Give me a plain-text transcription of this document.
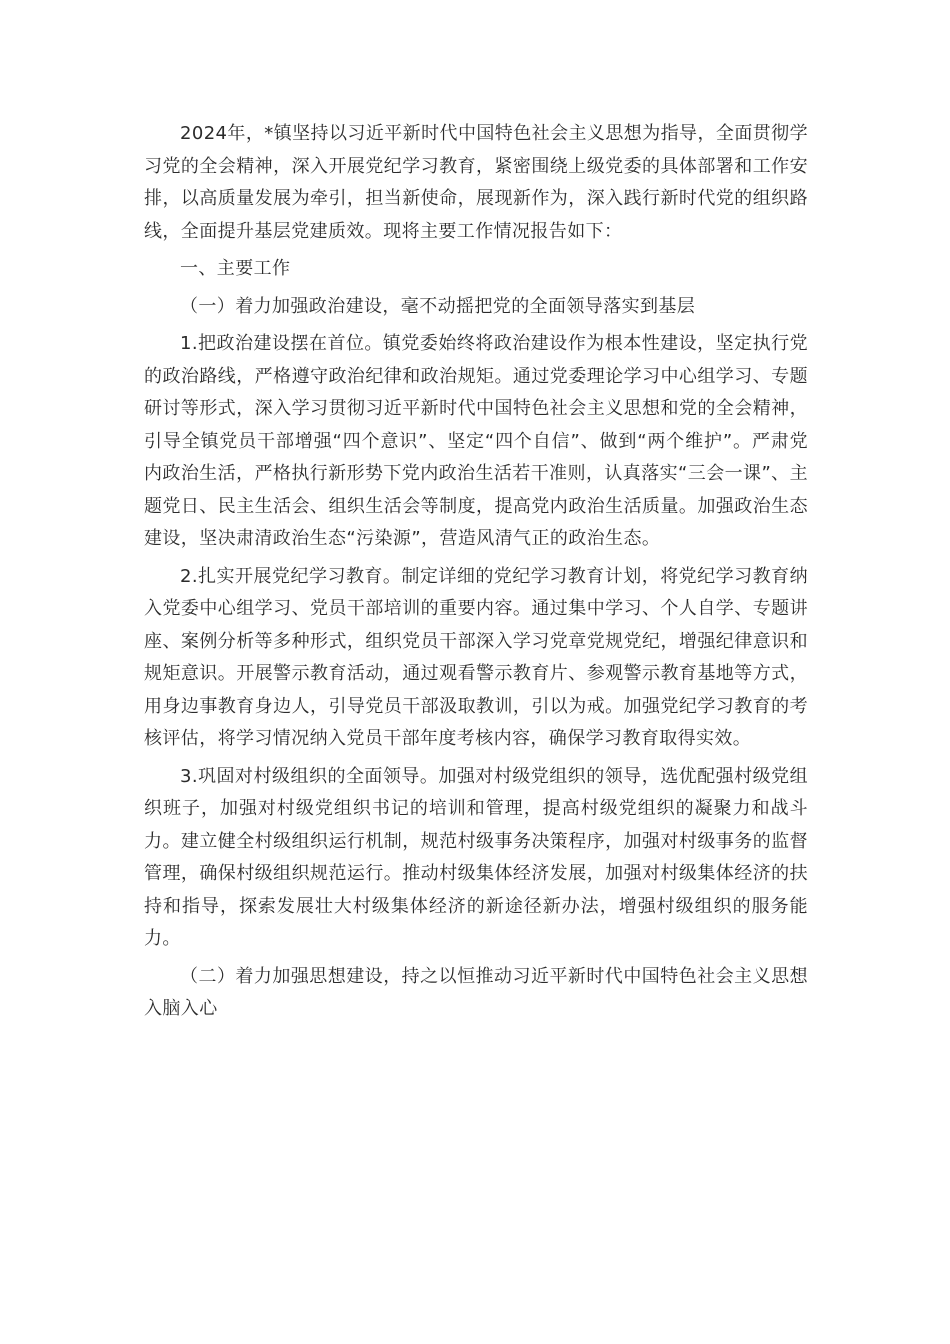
2024年，*镇坚持以习近平新时代中国特色社会主义思想为指导，全面贯彻学习党的全会精神，深入开展党纪学习教育，紧密围绕上级党委的具体部署和工作安排，以高质量发展为牵引，担当新使命，展现新作为，深入践行新时代党的组织路线，全面提升基层党建质效。现将主要工作情况报告如下：

一、主要工作

（一）着力加强政治建设，毫不动摇把党的全面领导落实到基层

1.把政治建设摆在首位。镇党委始终将政治建设作为根本性建设，坚定执行党的政治路线，严格遵守政治纪律和政治规矩。通过党委理论学习中心组学习、专题研讨等形式，深入学习贯彻习近平新时代中国特色社会主义思想和党的全会精神，引导全镇党员干部增强“四个意识”、坚定“四个自信”、做到“两个维护”。严肃党内政治生活，严格执行新形势下党内政治生活若干准则，认真落实“三会一课”、主题党日、民主生活会、组织生活会等制度，提高党内政治生活质量。加强政治生态建设，坚决肃清政治生态“污染源”，营造风清气正的政治生态。

2.扎实开展党纪学习教育。制定详细的党纪学习教育计划，将党纪学习教育纳入党委中心组学习、党员干部培训的重要内容。通过集中学习、个人自学、专题讲座、案例分析等多种形式，组织党员干部深入学习党章党规党纪，增强纪律意识和规矩意识。开展警示教育活动，通过观看警示教育片、参观警示教育基地等方式，用身边事教育身边人，引导党员干部汲取教训，引以为戒。加强党纪学习教育的考核评估，将学习情况纳入党员干部年度考核内容，确保学习教育取得实效。

3.巩固对村级组织的全面领导。加强对村级党组织的领导，选优配强村级党组织班子，加强对村级党组织书记的培训和管理，提高村级党组织的凝聚力和战斗力。建立健全村级组织运行机制，规范村级事务决策程序，加强对村级事务的监督管理，确保村级组织规范运行。推动村级集体经济发展，加强对村级集体经济的扶持和指导，探索发展壮大村级集体经济的新途径新办法，增强村级组织的服务能力。

（二）着力加强思想建设，持之以恒推动习近平新时代中国特色社会主义思想入脑入心
